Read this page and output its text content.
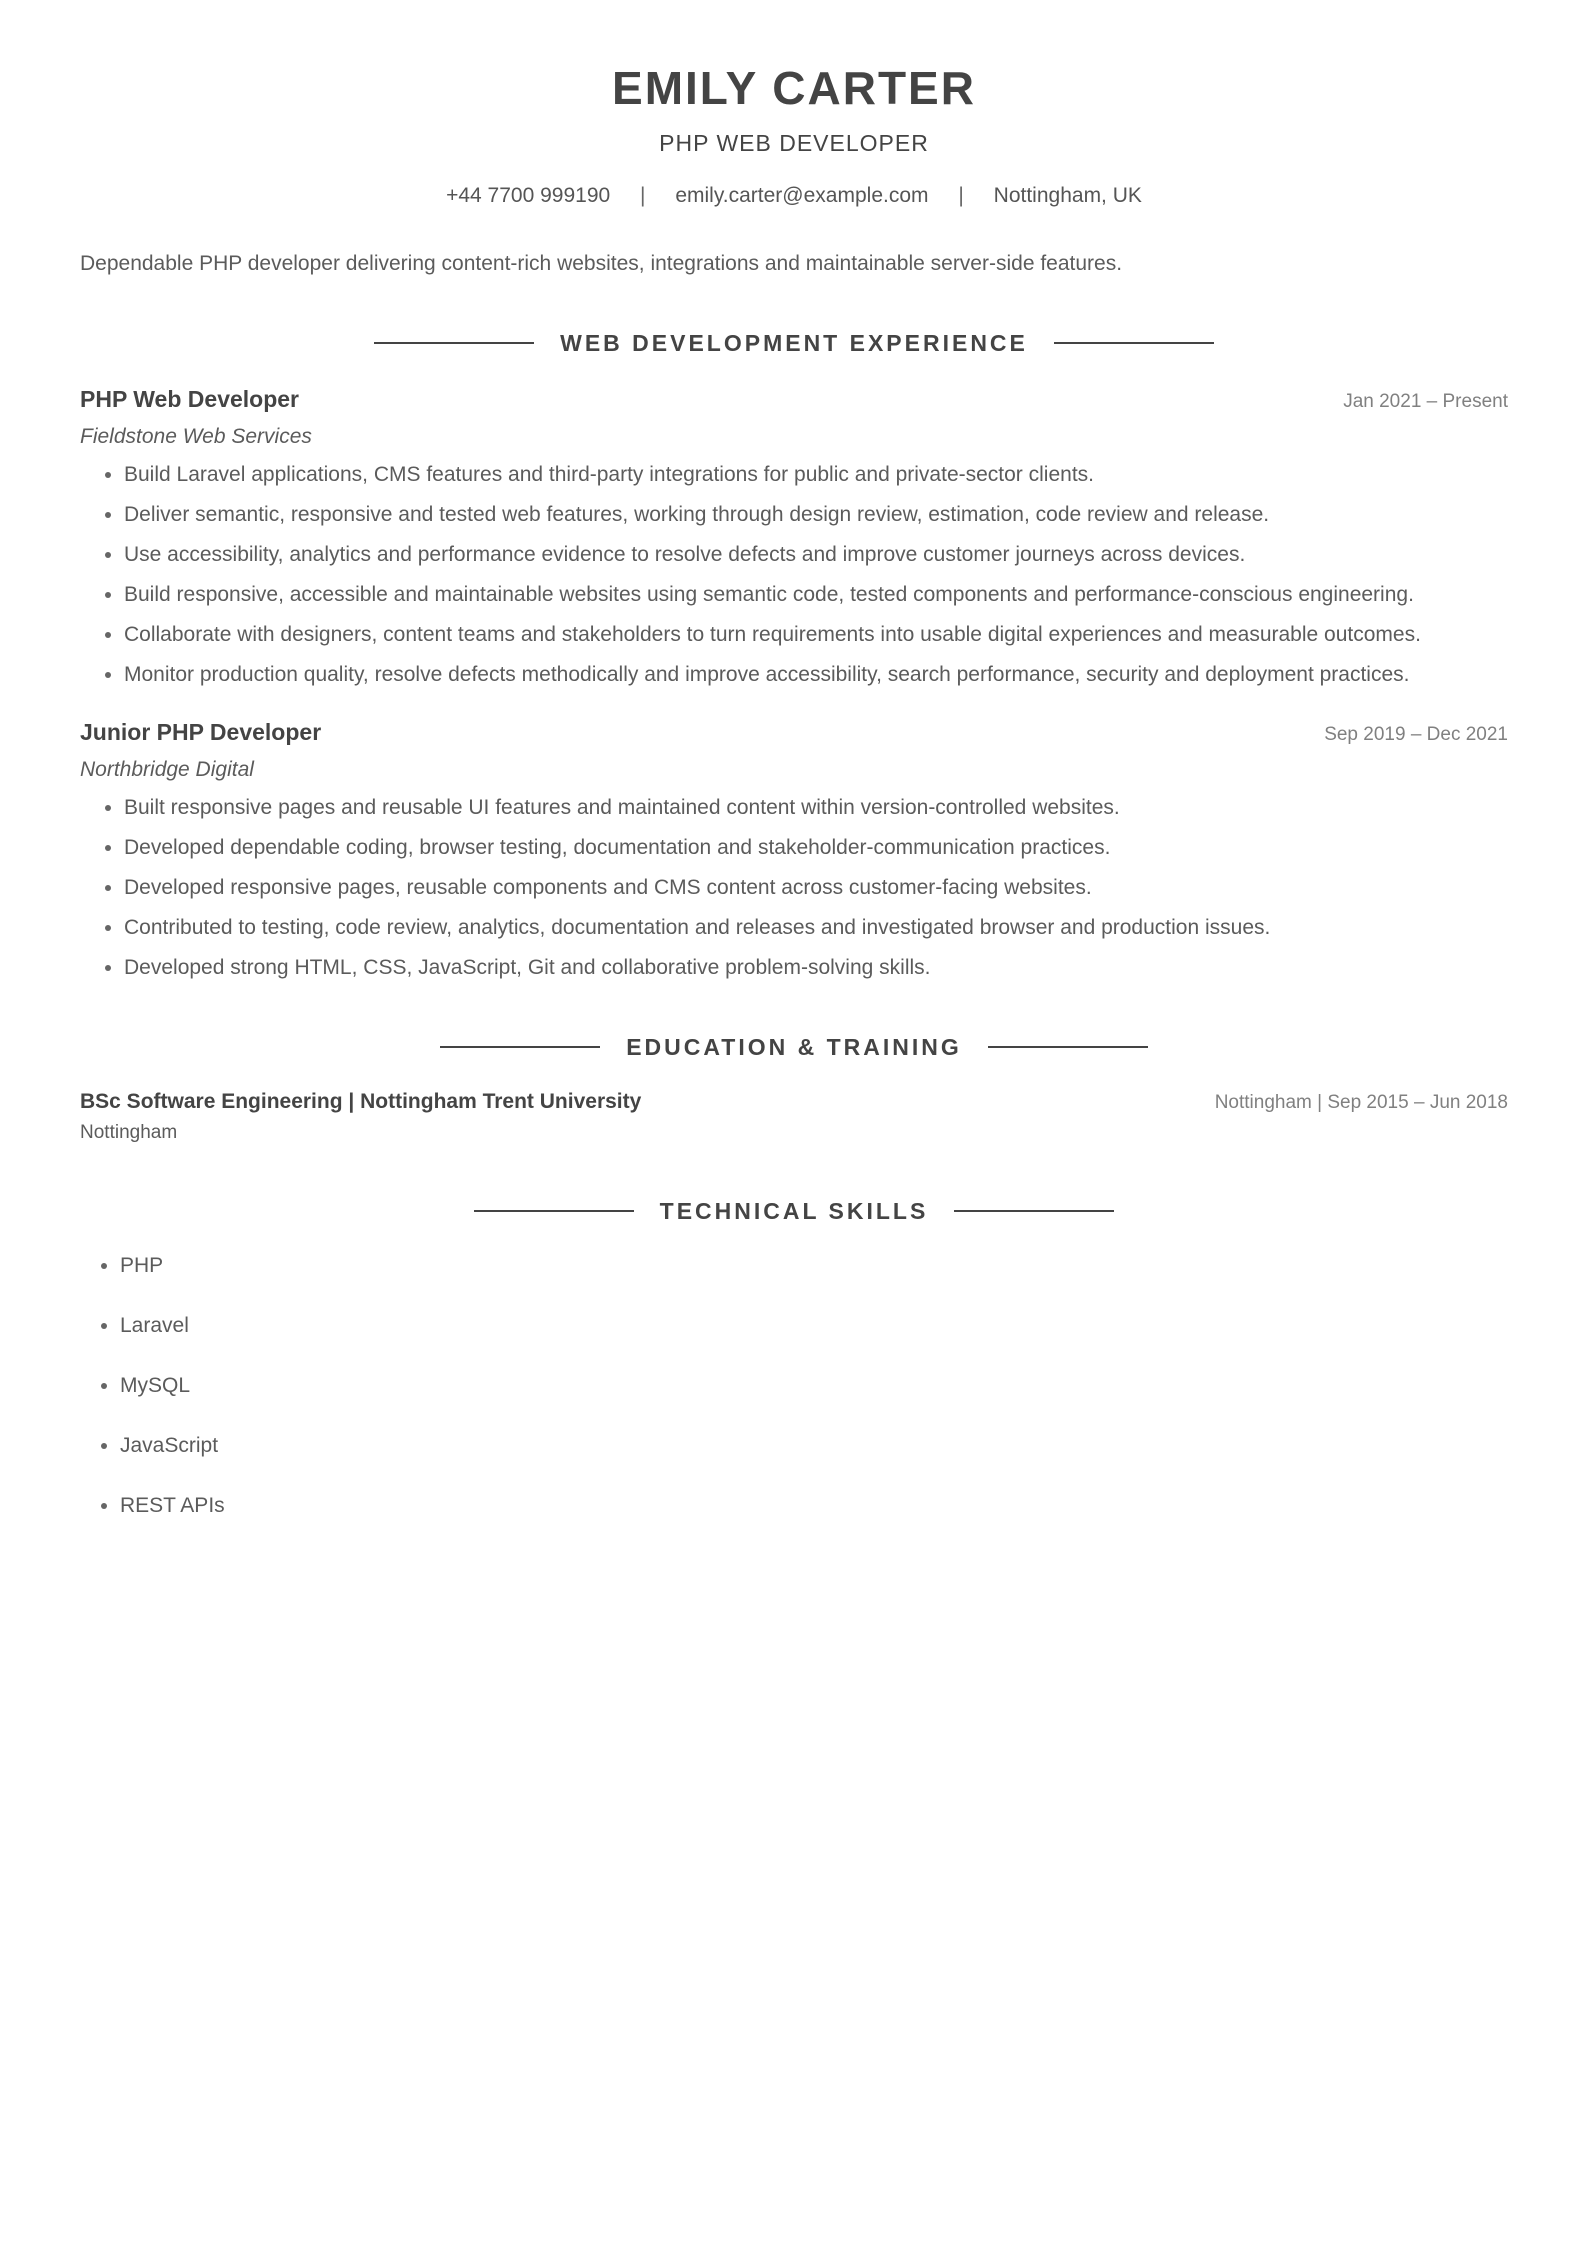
EMILY CARTER
PHP WEB DEVELOPER
+44 7700 999190 | emily.carter@example.com | Nottingham, UK
Dependable PHP developer delivering content-rich websites, integrations and maintainable server-side features.
WEB DEVELOPMENT EXPERIENCE
PHP Web Developer	Jan 2021 – Present
Fieldstone Web Services
• Build Laravel applications, CMS features and third-party integrations for public and private-sector clients.
• Deliver semantic, responsive and tested web features, working through design review, estimation, code review and release.
• Use accessibility, analytics and performance evidence to resolve defects and improve customer journeys across devices.
• Build responsive, accessible and maintainable websites using semantic code, tested components and performance-conscious engineering.
• Collaborate with designers, content teams and stakeholders to turn requirements into usable digital experiences and measurable outcomes.
• Monitor production quality, resolve defects methodically and improve accessibility, search performance, security and deployment practices.
Junior PHP Developer	Sep 2019 – Dec 2021
Northbridge Digital
• Built responsive pages and reusable UI features and maintained content within version-controlled websites.
• Developed dependable coding, browser testing, documentation and stakeholder-communication practices.
• Developed responsive pages, reusable components and CMS content across customer-facing websites.
• Contributed to testing, code review, analytics, documentation and releases and investigated browser and production issues.
• Developed strong HTML, CSS, JavaScript, Git and collaborative problem-solving skills.
EDUCATION & TRAINING
BSc Software Engineering | Nottingham Trent University	Nottingham | Sep 2015 – Jun 2018
Nottingham
TECHNICAL SKILLS
• PHP
• Laravel
• MySQL
• JavaScript
• REST APIs
